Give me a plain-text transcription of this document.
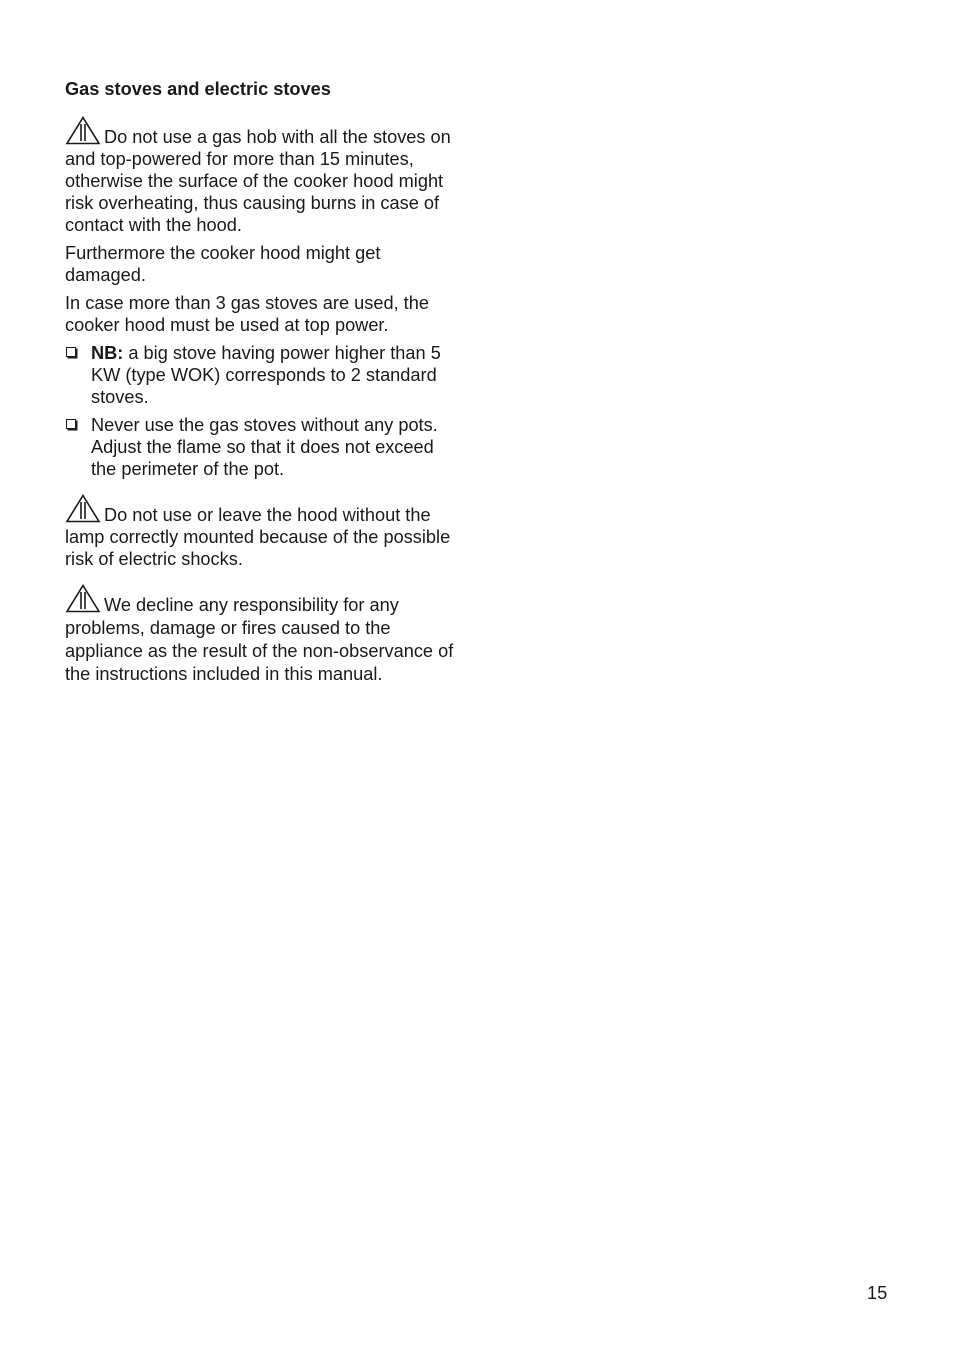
Gas stoves and electric stoves

Do not use a gas hob with all the stoves on and top-powered for more than 15 minutes, otherwise the surface of the cooker hood might risk overheating, thus causing burns in case of contact with the hood.

Furthermore the cooker hood might get damaged.

In case more than 3 gas stoves are used, the cooker hood must be used at top power.

NB: a big stove having power higher than 5 KW (type WOK) corresponds to 2 standard stoves.
Never use the gas stoves without any pots. Adjust the flame so that it does not exceed the perimeter of the pot.

Do not use or leave the hood without the lamp correctly mounted because of the possible risk of electric shocks.

We decline any responsibility for any problems, damage or fires caused to the appliance as the result of the non-observance of the instructions included in this manual.

15
